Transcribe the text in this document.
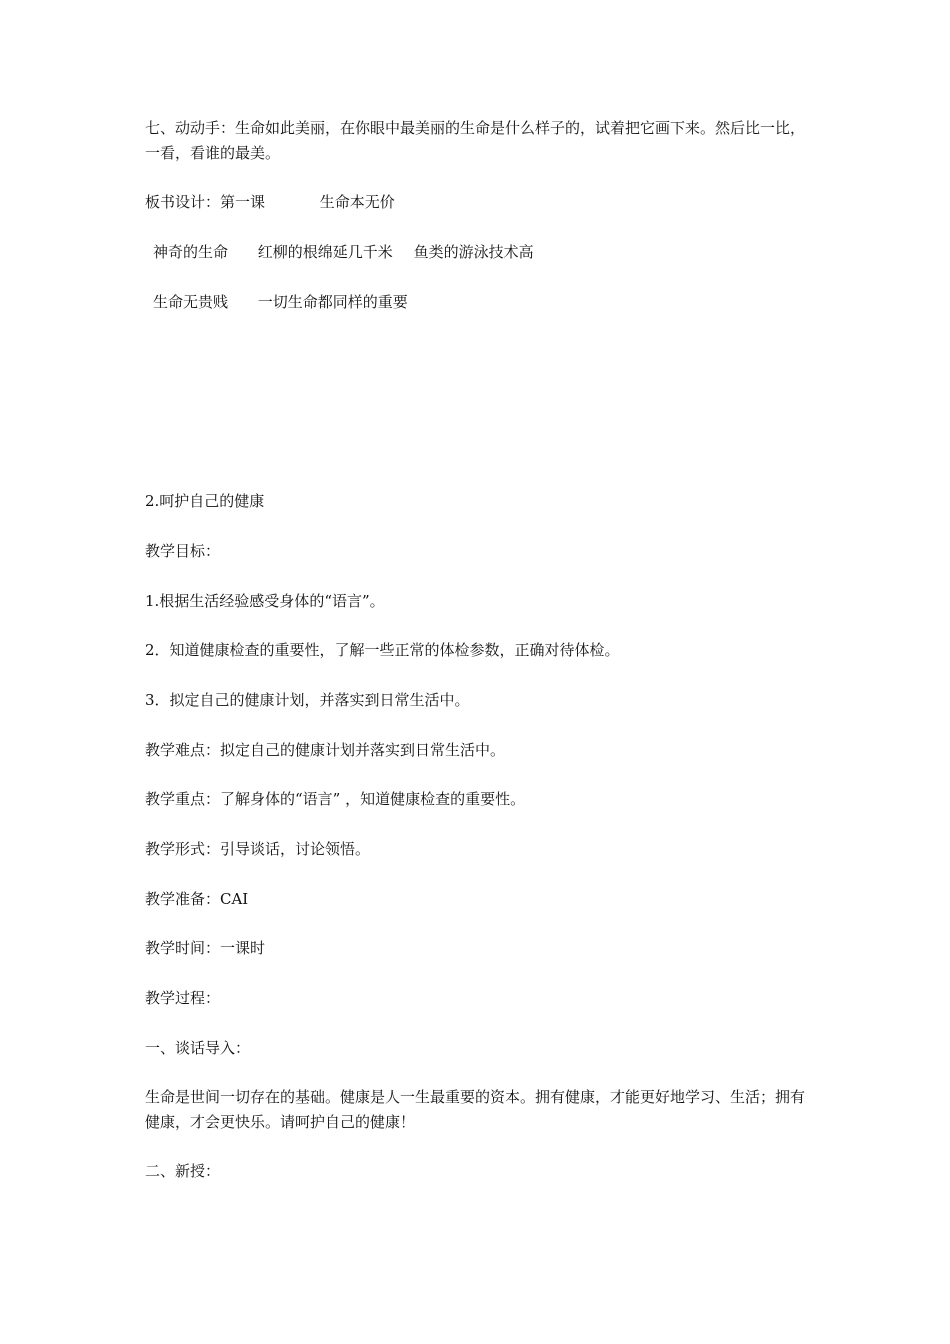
七、动动手：生命如此美丽，在你眼中最美丽的生命是什么样子的，试着把它画下来。然后比一比，一看，看谁的最美。
板书设计：第一课	生命本无价
神奇的生命 红柳的根绵延几千米 鱼类的游泳技术高
生命无贵贱 一切生命都同样的重要
2.呵护自己的健康
教学目标：
1.根据生活经验感受身体的“语言”。
2．知道健康检查的重要性，了解一些正常的体检参数，正确对待体检。
3．拟定自己的健康计划，并落实到日常生活中。
教学难点：拟定自己的健康计划并落实到日常生活中。
教学重点：了解身体的“语言” ，知道健康检查的重要性。
教学形式：引导谈话，讨论领悟。
教学准备：CAI
教学时间：一课时
教学过程：
一、谈话导入：
生命是世间一切存在的基础。健康是人一生最重要的资本。拥有健康，才能更好地学习、生活；拥有健康，才会更快乐。请呵护自己的健康！
二、新授：
